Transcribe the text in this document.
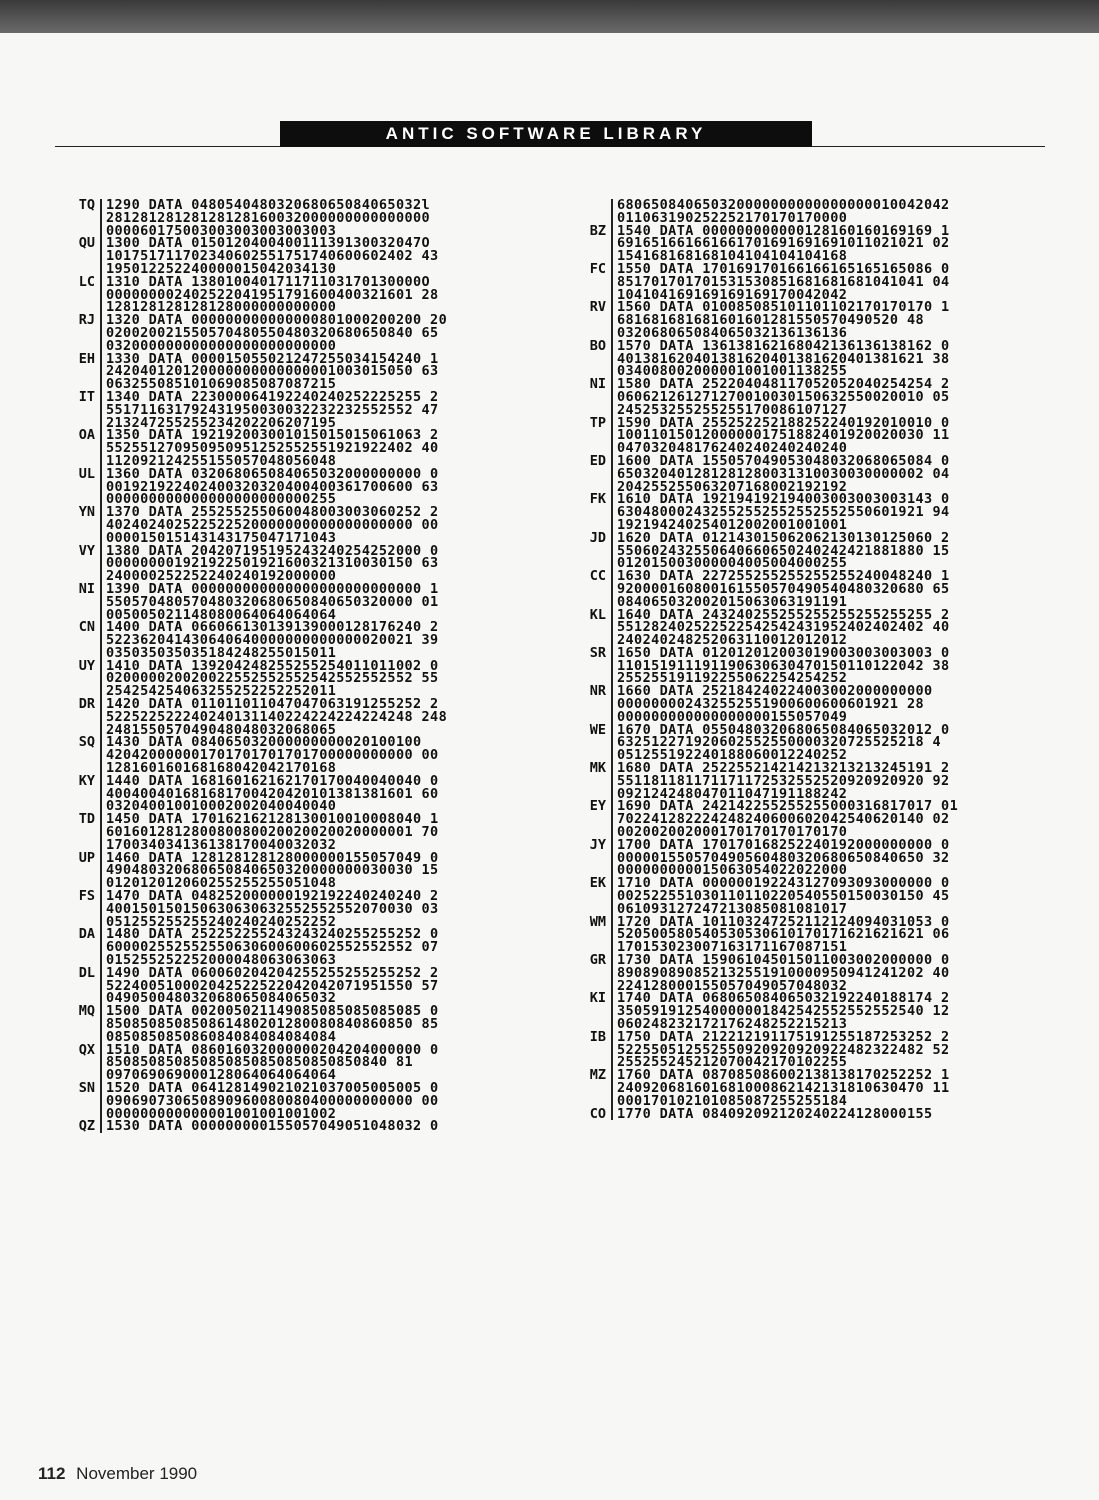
ANTIC SOFTWARE LIBRARY
TQ 1290 DATA 048054048032068065084065032l
28128128128128128160032000000000000000
000060175003003003003003003
QU 1300 DATA 015012040040011139130032047O
101751711702340602551751740600602402 43
195012252240000015042034130
LC 1310 DATA 138010040171171103170130000O
000000002402522041951791600400321601 28
128128128128128000000000000
RJ 1320 DATA 000000000000000801000200200 20
020020021550570480550480320680650840 65
032000000000000000000000000
EH 1330 DATA 000015055021247255034154240 1
242040120120000000000000001003015050 63
063255085101069085087087215
IT 1340 DATA 223000064192240240252225255 2
551711631792431950030032232232552552 47
213247255255234202206207195
OA 1350 DATA 192192003001015015015061063 2
552551270950950951252552551921922402 40
112092124255155057048056048
UL 1360 DATA 032068065084065032000000000 0
001921922402400320320400400361700600 63
000000000000000000000000255
YN 1370 DATA 255255255060048003003060252 2
402402402522522520000000000000000000 00
000015015143143175047171043
VY 1380 DATA 204207195195243240254252000 0
000000001921922501921600321310030150 63
240000252252240240192000000
NI 1390 DATA 000000000000000000000000000 1
550570480570480320680650840650320000 01
005005021148080064064064064
CN 1400 DATA 066066130139139000128176240 2
522362041430640640000000000000020021 39
035035035035184248255015011
UY 1410 DATA 139204248255255254011011002 0
020000020020022552552552542552552552 55
254254254063255252252252011
DR 1420 DATA 011011011047047063191255252 2
522522522240240131140224224224224248 248
248155057049048048032068065
SQ 1430 DATA 084065032000000000020100100
420420000001701701701701700000000000 00
128160160168168042042170168
KY 1440 DATA 168160162162170170040040040 0
400400401681681700420420101381381601 60
032040010010002002040040040
TD 1450 DATA 170162162128130010010008040 1
601601281280080080020020020020000001 70
170034034136138170040032032
UP 1460 DATA 128128128128000000155057049 0
490480320680650840650320000000030030 15
012012012060255255255051048
FS 1470 DATA 048252000000192192240240240 2
400150150150630630632552552552070030 03
051255255255240240240252252
DA 1480 DATA 252252255243243240255255252 0
600002552552550630600600602552552552 07
015255252252000048063063063
DL 1490 DATA 060060204204255255255255252 2
522400510002042522522042042071951550 57
049050048032068065084065032
MQ 1500 DATA 002005021149085085085085085 0
850850850850861480201280080840860850 85
085085085086084084084084084
QX 1510 DATA 086016032000000204204000000 0
850850850850850850850850850850840 81
097069069000128064064064064
SN 1520 DATA 064128149021021037005005005 0
090690730650890960080080400000000000 00
000000000000001001001001002
QZ 1530 DATA 000000000155057049051048032 0
680650840650320000000000000000010042042
011063190252252170170170000
BZ 1540 DATA 000000000000128160160169169 1
691651661661661701691691691011021021 02
154168168168104104104104168
FC 1550 DATA 170169170166166165165165086 0
851701701701531530851681681681041041 04
104104169169169169170042042
RV 1560 DATA 010085085101101102170170170 1
681681681681601601281550570490520 48
032068065084065032136136136
BO 1570 DATA 136138162168042136136138162 0
401381620401381620401381620401381621 38
034008002000001001001138255
NI 1580 DATA 252204048117052052040254254 2
060621261271270010030150632550020010 05
245253255255255170086107127
TP 1590 DATA 255252252188252240192010010 0
100110150120000001751882401920020030 11
047032048176240240240240240
ED 1600 DATA 155057049053048032068065084 0
650320401281281280031310030030000002 04
204255255063207168002192192
FK 1610 DATA 192194192194003003003003143 0
630480002432552552552552552550601921 94
192194240254012002001001001
JD 1620 DATA 012143015062062130130125060 2
550602432550640660650240242421881880 15
012015003000004005004000255
CC 1630 DATA 227255255255255255240048240 1
920000160800161550570490540480320680 65
084065032002015063063191191
KL 1640 DATA 243240255255255255255255255 2
551282402522522542542431952402402402 40
240240248252063110012012012
SR 1650 DATA 012012012003019003003003003 0
110151911191190630630470150110122042 38
255255191192255062254254252
NR 1660 DATA 252184240224003002000000000
000000002432552551900600600601921 28
000000000000000000155057049
WE 1670 DATA 055048032068065084065032012 0
632512271920602552550000320725525218 4
051255192240188060012240252
MK 1680 DATA 252255214214213213213245191 2
551181181171171172532552520920920920 92
092124248047011047191188242
EY 1690 DATA 242142255255255000316817017 01
702241282224248240600602042540620140 02
002002002000170170170170170
JY 1700 DATA 170170168252240192000000000 0
000001550570490560480320680650840650 32
000000000015063054022022000
EK 1710 DATA 000000192243127093093000000 0
002522551030110110220540550150030150 45
061093127247213085081081017
WM 1720 DATA 101103247252112124094031053 0
520500580540530530610170171621621621 06
170153023007163171167087151
GR 1730 DATA 159061045015011003002000000 0
890890890852132551910000950941241202 40
224128000155057049057048032
KI 1740 DATA 068065084065032192240188174 2
350591912540000001842542552552552540 12
060248232172176248252215213
IB 1750 DATA 212212191175191255187253252 2
522550512552550920920920922482322482 52
255255245212070042170102255
MZ 1760 DATA 087085086002138138170252252 1
240920681601681000862142131810630470 11
000170102101085087255255184
CO 1770 DATA 084092092120240224128000155
112 November 1990
